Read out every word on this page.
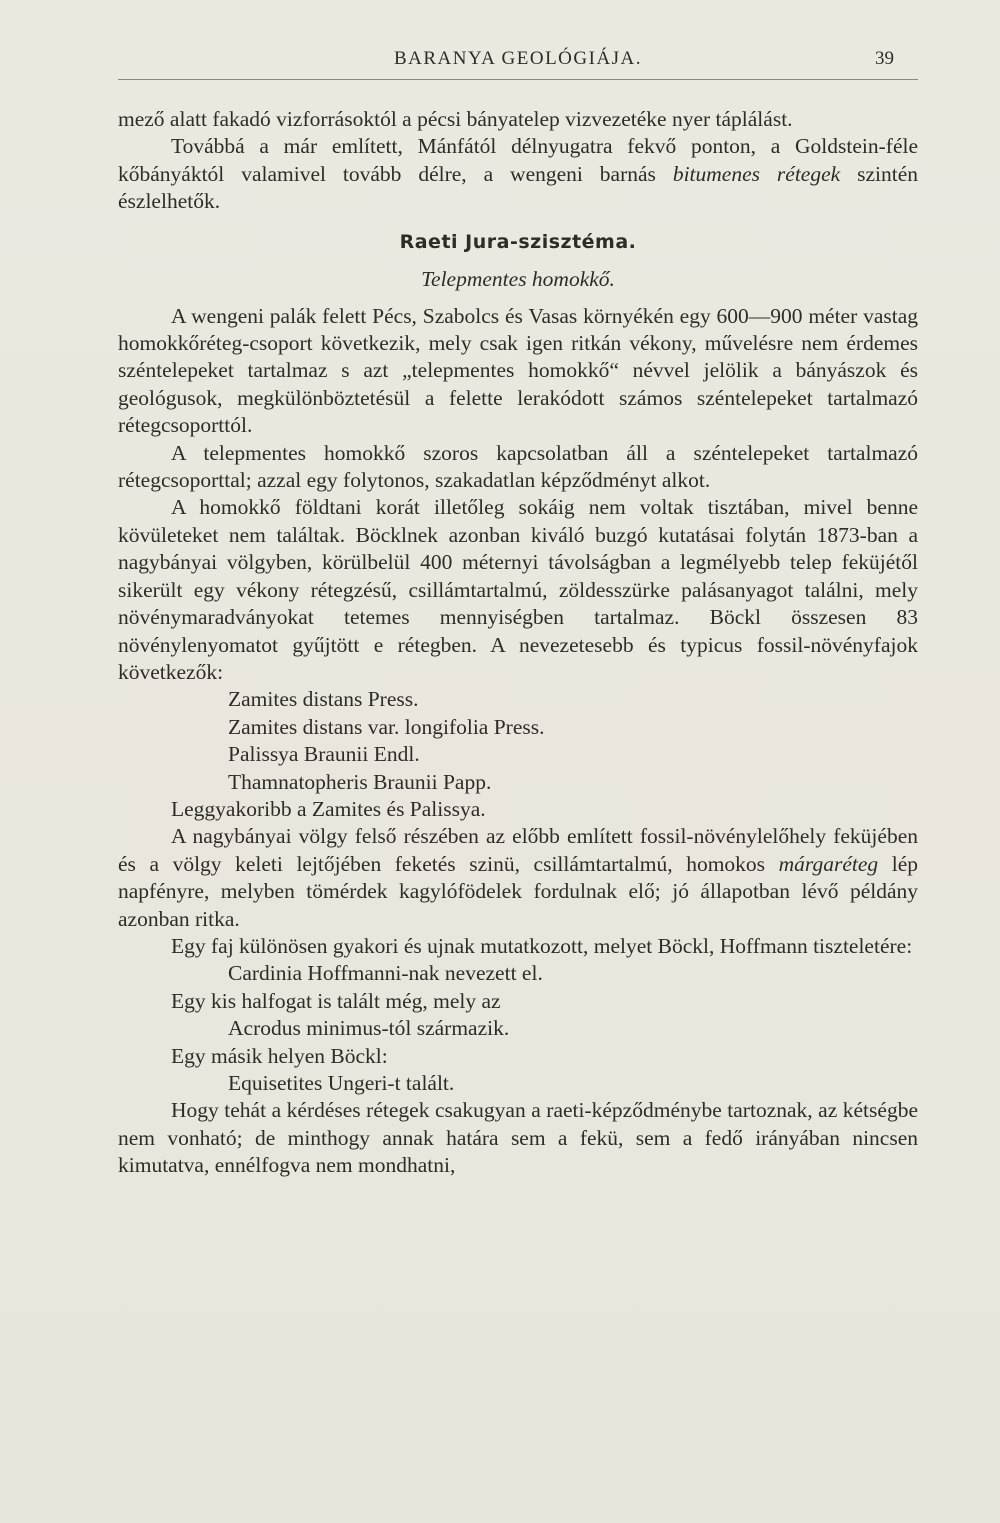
BARANYA GEOLÓGIÁJA.	39

mező alatt fakadó vizforrásoktól a pécsi bányatelep vizvezetéke nyer táplálást.

Továbbá a már említett, Mánfától délnyugatra fekvő ponton, a Goldstein-féle kőbányáktól valamivel tovább délre, a wengeni barnás bitumenes rétegek szintén észlelhetők.

Raeti Jura-szisztéma.
Telepmentes homokkő.

A wengeni palák felett Pécs, Szabolcs és Vasas környékén egy 600—900 méter vastag homokkőréteg-csoport következik, mely csak igen ritkán vékony, művelésre nem érdemes széntelepeket tartalmaz s azt „telepmentes homokkő“ névvel jelölik a bányászok és geológusok, megkülönböztetésül a felette lerakódott számos széntelepeket tartalmazó rétegcsoporttól.

A telepmentes homokkő szoros kapcsolatban áll a széntelepeket tartalmazó rétegcsoporttal; azzal egy folytonos, szakadatlan képződményt alkot.

A homokkő földtani korát illetőleg sokáig nem voltak tisztában, mivel benne kövületeket nem találtak. Böcklnek azonban kiváló buzgó kutatásai folytán 1873-ban a nagybányai völgyben, körülbelül 400 méternyi távolságban a legmélyebb telep feküjétől sikerült egy vékony rétegzésű, csillámtartalmú, zöldesszürke palásanyagot találni, mely növénymaradványokat tetemes mennyiségben tartalmaz. Böckl összesen 83 növénylenyomatot gyűjtött e rétegben. A nevezetesebb és typicus fossil-növényfajok következők:

Zamites distans Press.
Zamites distans var. longifolia Press.
Palissya Braunii Endl.
Thamnatopheris Braunii Papp.

Leggyakoribb a Zamites és Palissya.

A nagybányai völgy felső részében az előbb említett fossil-növénylelőhely feküjében és a völgy keleti lejtőjében feketés szinü, csillámtartalmú, homokos márgaréteg lép napfényre, melyben tömérdek kagylófödelek fordulnak elő; jó állapotban lévő példány azonban ritka.

Egy faj különösen gyakori és ujnak mutatkozott, melyet Böckl, Hoffmann tiszteletére:

Cardinia Hoffmanni-nak nevezett el.

Egy kis halfogat is talált még, mely az

Acrodus minimus-tól származik.

Egy másik helyen Böckl:

Equisetites Ungeri-t talált.

Hogy tehát a kérdéses rétegek csakugyan a raeti-képződménybe tartoznak, az kétségbe nem vonható; de minthogy annak határa sem a fekü, sem a fedő irányában nincsen kimutatva, ennélfogva nem mondhatni,
